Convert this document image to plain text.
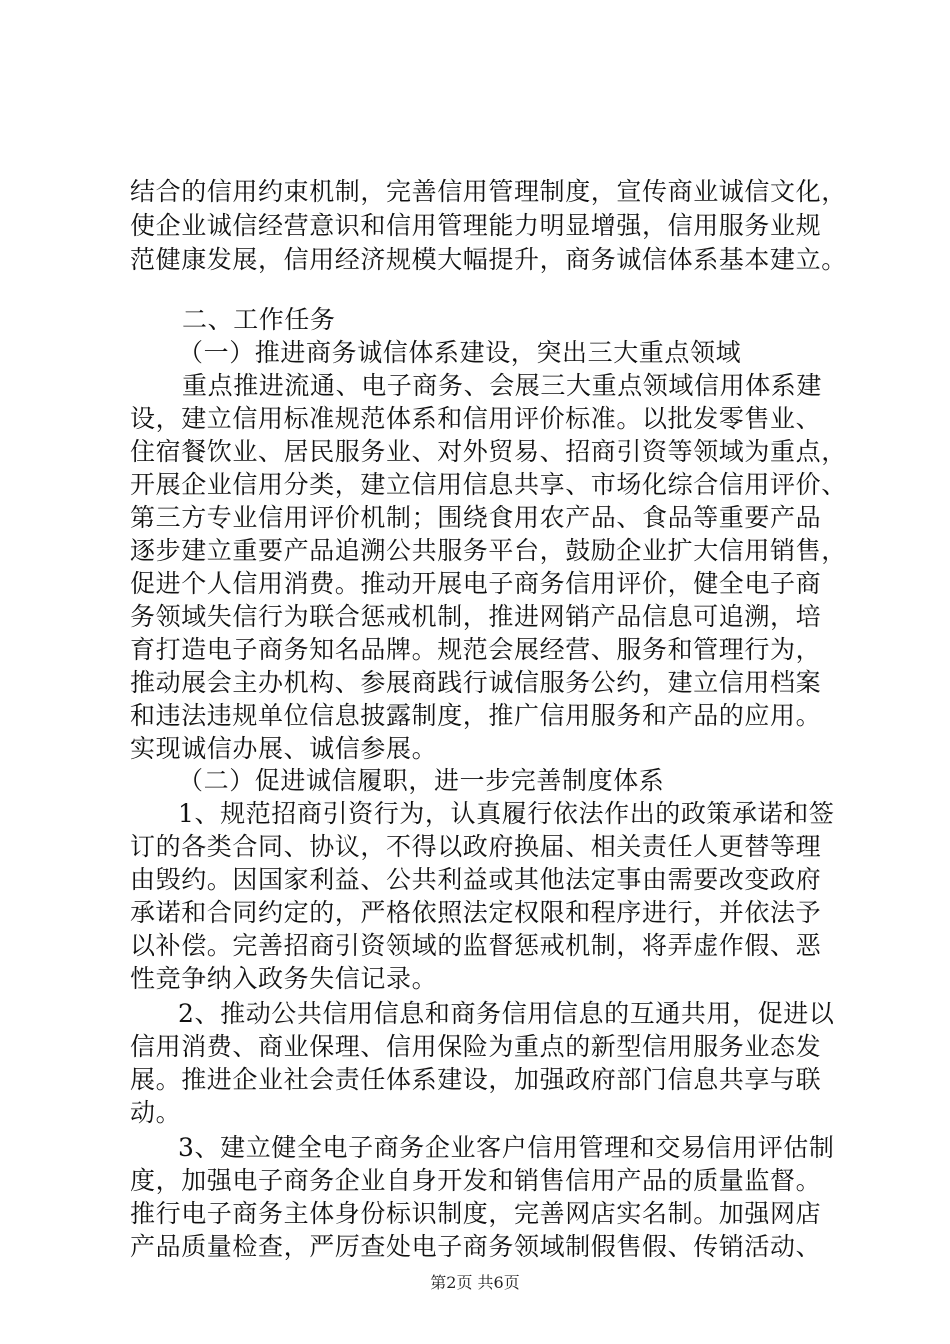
结合的信用约束机制，完善信用管理制度，宣传商业诚信文化，
使企业诚信经营意识和信用管理能力明显增强，信用服务业规
范健康发展，信用经济规模大幅提升，商务诚信体系基本建立。
二、工作任务
（一）推进商务诚信体系建设，突出三大重点领域
重点推进流通、电子商务、会展三大重点领域信用体系建
设，建立信用标准规范体系和信用评价标准。以批发零售业、
住宿餐饮业、居民服务业、对外贸易、招商引资等领域为重点，
开展企业信用分类，建立信用信息共享、市场化综合信用评价、
第三方专业信用评价机制；围绕食用农产品、食品等重要产品
逐步建立重要产品追溯公共服务平台，鼓励企业扩大信用销售，
促进个人信用消费。推动开展电子商务信用评价，健全电子商
务领域失信行为联合惩戒机制，推进网销产品信息可追溯，培
育打造电子商务知名品牌。规范会展经营、服务和管理行为，
推动展会主办机构、参展商践行诚信服务公约，建立信用档案
和违法违规单位信息披露制度，推广信用服务和产品的应用。
实现诚信办展、诚信参展。
（二）促进诚信履职，进一步完善制度体系
1、规范招商引资行为，认真履行依法作出的政策承诺和签
订的各类合同、协议，不得以政府换届、相关责任人更替等理
由毁约。因国家利益、公共利益或其他法定事由需要改变政府
承诺和合同约定的，严格依照法定权限和程序进行，并依法予
以补偿。完善招商引资领域的监督惩戒机制，将弄虚作假、恶
性竞争纳入政务失信记录。
2、推动公共信用信息和商务信用信息的互通共用，促进以
信用消费、商业保理、信用保险为重点的新型信用服务业态发
展。推进企业社会责任体系建设，加强政府部门信息共享与联
动。
3、建立健全电子商务企业客户信用管理和交易信用评估制
度，加强电子商务企业自身开发和销售信用产品的质量监督。
推行电子商务主体身份标识制度，完善网店实名制。加强网店
产品质量检查，严厉查处电子商务领域制假售假、传销活动、
第2页 共6页
